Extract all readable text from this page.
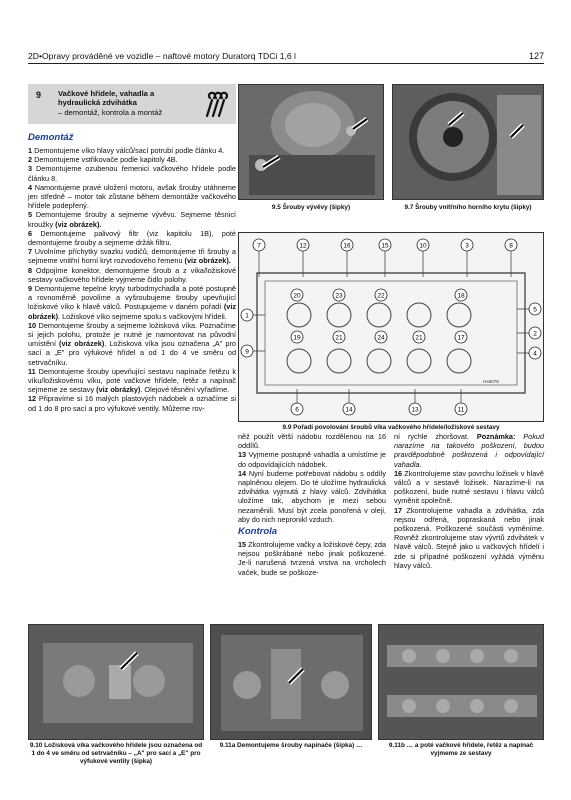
2D•Opravy prováděné ve vozidle – naftové motory Duratorq TDCi 1,6 l	127
9 Vačkové hřídele, vahadla a hydraulická zdvihátka
– demontáž, kontrola a montáž
Demontáž

1 Demontujeme víko hlavy válců/sací potrubí podle článku 4.

2 Demontujeme vstřikovače podle kapitoly 4B.

3 Demontujeme ozubenou řemenici vačkového hřídele podle článku 8.

4 Namontujeme pravé uložení motoru, avšak šrouby utáhneme jen středně – motor tak zůstane během demontáže vačkového hřídele podepřený.

5 Demontujeme šrouby a sejmeme vývěvu. Sejmeme těsnicí kroužky (viz obrázek).

6 Demontujeme palivový filtr (viz kapitolu 1B), poté demontujeme šrouby a sejmeme držák filtru.

7 Uvolníme příchytky svazku vodičů, demontujeme tři šrouby a sejmeme vnitřní horní kryt rozvodového řemenu (viz obrázek).

8 Odpojíme konektor, demontujeme šroub a z víka/ložiskové sestavy vačkového hřídele vyjmeme čidlo polohy.

9 Demontujeme tepelné kryty turbodmychadla a poté postupně a rovnoměrně povolíme a vyšroubujeme šrouby upevňující ložiskové víko k hlavě válců. Postupujeme v daném pořadí (viz obrázek). Ložiskové víko sejmeme spolu s vačkovými hřídeli.

10 Demontujeme šrouby a sejmeme ložisková víka. Poznačíme si jejich polohu, protože je nutné je namontovat na původní umístění (viz obrázek). Ložisková víka jsou označena „A" pro sací a „E" pro výfukové hřídel a od 1 do 4 ve směru od setrvačníku.

11 Demontujeme šrouby upevňující sestavu napínače řetězu k víku/ložiskovému víku, poté vačkové hřídele, řetěz a napínač sejmeme ze sestavy (viz obrázky). Olejové těsnění vyřadíme.

12 Připravíme si 16 malých plastových nádobek a označíme si od 1 do 8 pro sací a pro výfukové ventily. Můžeme rov-

něž použít větší nádobu rozdělenou na 16 oddílů.

13 Vyjmeme postupně vahadla a umístíme je do odpovídajících nádobek.

14 Nyní budeme potřebovat nádobu s oddíly naplněnou olejem. Do té uložíme hydraulická zdvihátka vyjmutá z hlavy válců. Zdvihátka uložíme tak, abychom je mezi sebou nezaměnili. Musí být zcela ponořená v oleji, aby do nich nepronikl vzduch.

Kontrola

15 Zkontrolujeme vačky a ložiskové čepy, zda nejsou poškrábané nebo jinak poškozené. Je-li narušená tvrzená vrstva na vrcholech vaček, bude se poškoze-

ní rychle zhoršovat. Poznámka: Pokud narazíme na takovéto poškození, budou pravděpodobně poškozená i odpovídající vahadla.

16 Zkontrolujeme stav povrchu ložisek v hlavě válců a v sestavě ložisek. Narazíme-li na poškození, bude nutné sestavu i hlavu válců vyměnit společně.

17 Zkontrolujeme vahadla a zdvihátka, zda nejsou odřená, popraskaná nebo jinak poškozená. Poškozené součásti vyměníme. Rovněž zkontrolujeme stav vývrtů zdvihátek v hlavě válců. Stejně jako u vačkových hřídelí i zde si případné poškození vyžádá výměnu hlavy válců.

9.5 Šrouby vývěvy (šipky)	9.7 Šrouby vnitřního horního krytu (šipky)
7	12	16	15	10	3	8
20	23	22	18
19	21	24	21	17
6	14	13	11
1
9
5
2
4
H46078
9.9 Pořadí povolování šroubů víka vačkového hřídele/ložiskové sestavy
9.10 Ložisková víka vačkového hřídele jsou označena od 1 do 4 ve směru od setrvačníku – „A" pro sací a „E" pro výfukové ventily (šipka)
9.11a Demontujeme šrouby napínače (šipka) …	9.11b … a poté vačkové hřídele, řetěz a napínač vyjmeme ze sestavy
